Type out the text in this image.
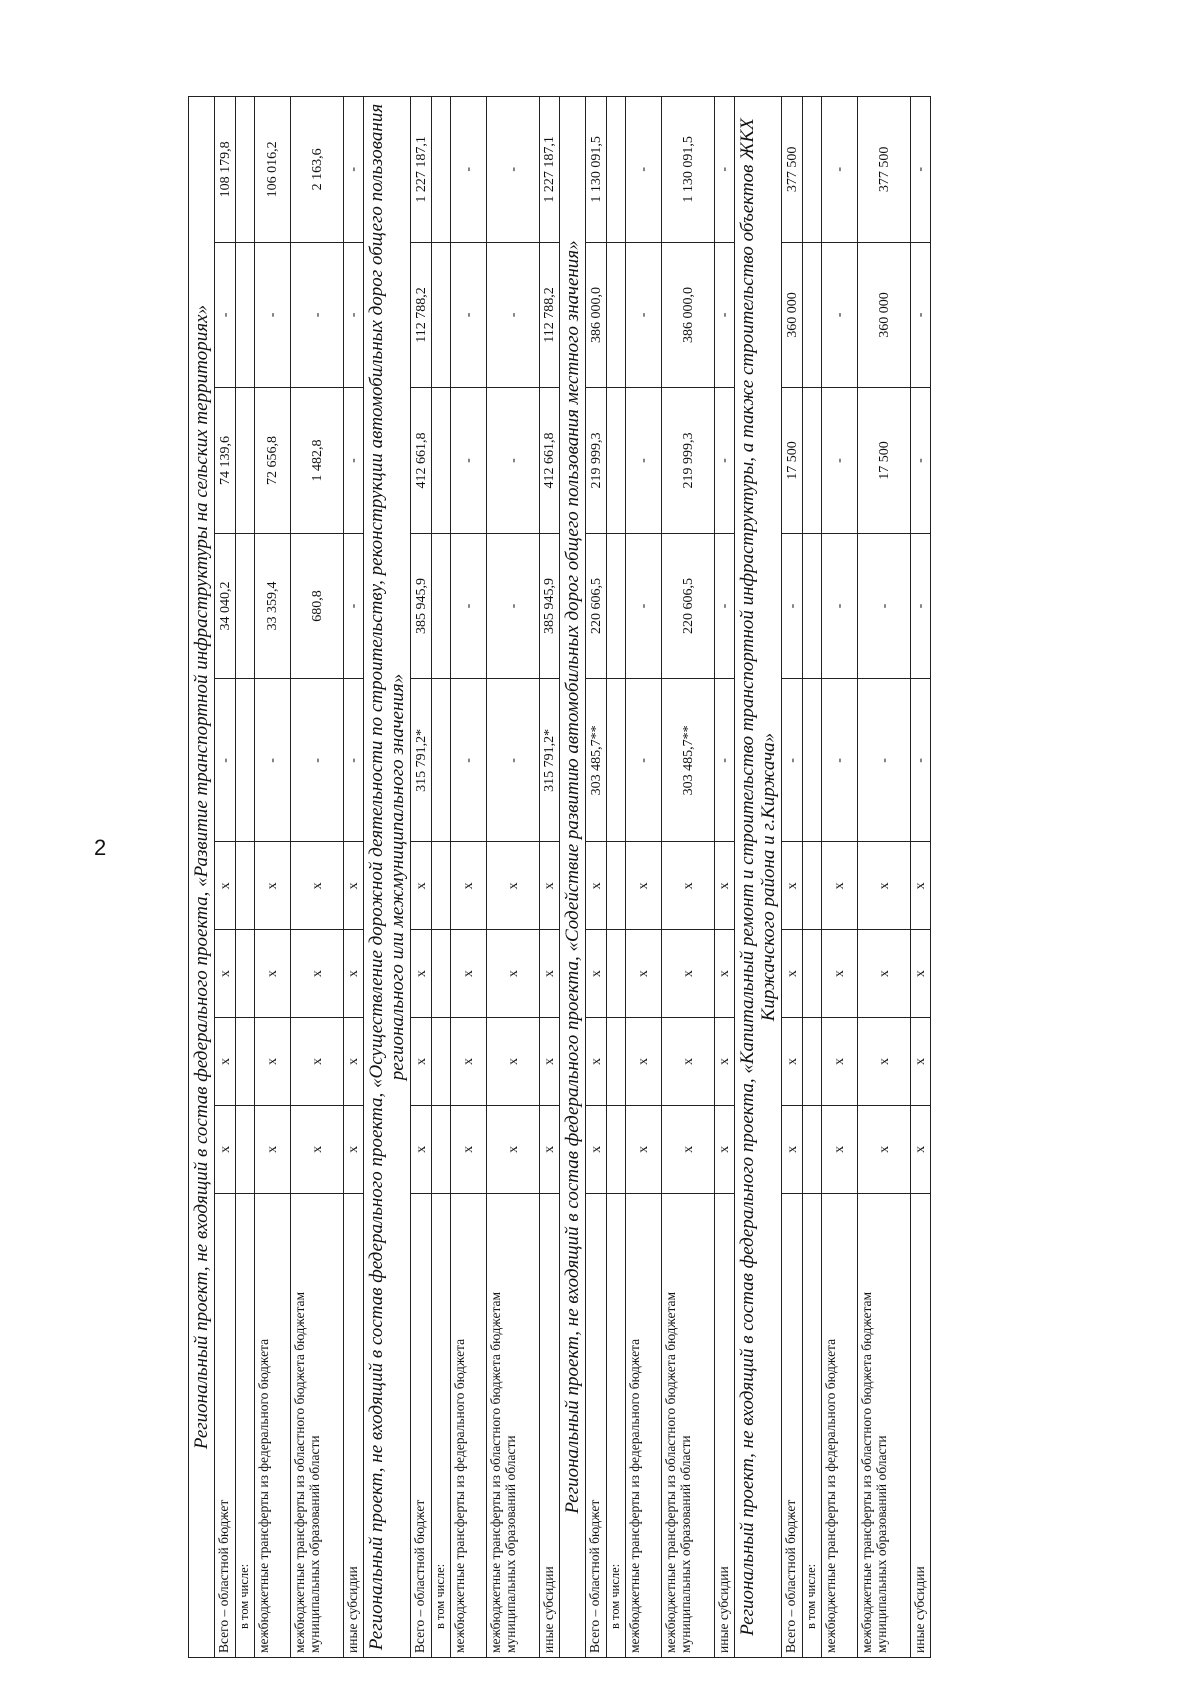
2	Региональный проект, не входящий в состав федерального проекта, «Развитие транспортной инфраструктуры на сельских территориях»									
Всего – областной бюджет	х	х	х	х	-	34 040,2	74 139,6	-	108 179,8
в том числе:									
межбюджетные трансферты из федерального бюджета	х	х	х	х	-	33 359,4	72 656,8	-	106 016,2
межбюджетные трансферты из областного бюджета бюджетам муниципальных образований области	х	х	х	х	-	680,8	1 482,8	-	2 163,6
иные субсидии	х	х	х	х	-	-	-	-	-
Региональный проект, не входящий в состав федерального проекта, «Осуществление дорожной деятельности по строительству, реконструкции автомобильных дорог общего пользования регионального или межмуниципального значения»									
Всего – областной бюджет	х	х	х	х	315 791,2*	385 945,9	412 661,8	112 788,2	1 227 187,1
в том числе:									
межбюджетные трансферты из федерального бюджета	х	х	х	х	-	-	-	-	-
межбюджетные трансферты из областного бюджета бюджетам муниципальных образований области	х	х	х	х	-	-	-	-	-
иные субсидии	х	х	х	х	315 791,2*	385 945,9	412 661,8	112 788,2	1 227 187,1
Региональный проект, не входящий в состав федерального проекта, «Содействие развитию автомобильных дорог общего пользования местного значения»									
Всего – областной бюджет	х	х	х	х	303 485,7**	220 606,5	219 999,3	386 000,0	1 130 091,5
в том числе:									
межбюджетные трансферты из федерального бюджета	х	х	х	х	-	-	-	-	-
межбюджетные трансферты из областного бюджета бюджетам муниципальных образований области	х	х	х	х	303 485,7**	220 606,5	219 999,3	386 000,0	1 130 091,5
иные субсидии	х	х	х	х	-	-	-	-	-
Региональный проект, не входящий в состав федерального проекта, «Капитальный ремонт и строительство транспортной инфраструктуры, а также строительство объектов ЖКХ Киржачского района и г.Киржача»									
Всего – областной бюджет	х	х	х	х	-	-	17 500	360 000	377 500
в том числе:									
межбюджетные трансферты из федерального бюджета	х	х	х	х	-	-	-	-	-
межбюджетные трансферты из областного бюджета бюджетам муниципальных образований области	х	х	х	х	-	-	17 500	360 000	377 500
иные субсидии	х	х	х	х	-	-	-	-	-
